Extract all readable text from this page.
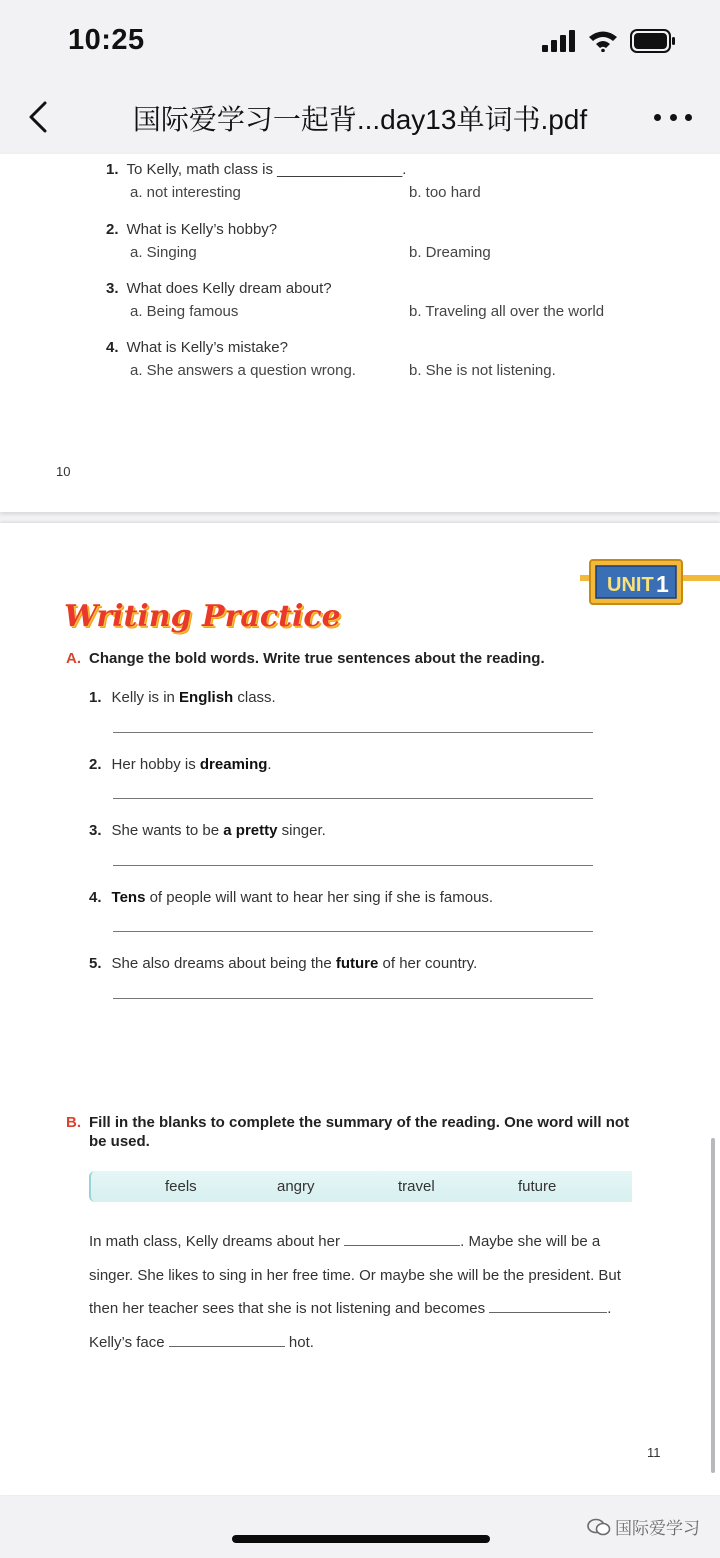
10:25
国际爱学习一起背...day13单词书.pdf
1. To Kelly, math class is _______________.
a. not interesting	b. too hard
2. What is Kelly’s hobby?
a. Singing	b. Dreaming
3. What does Kelly dream about?
a. Being famous	b. Traveling all over the world
4. What is Kelly’s mistake?
a. She answers a question wrong.	b. She is not listening.
10
UNIT 1
Writing Practice
A. Change the bold words. Write true sentences about the reading.
1. Kelly is in English class.
2. Her hobby is dreaming.
3. She wants to be a pretty singer.
4. Tens of people will want to hear her sing if she is famous.
5. She also dreams about being the future of her country.
B. Fill in the blanks to complete the summary of the reading. One word will not
be used.
feels	angry	travel	future
In math class, Kelly dreams about her	. Maybe she will be a
singer. She likes to sing in her free time. Or maybe she will be the president. But
then her teacher sees that she is not listening and becomes	.
Kelly’s face	hot.
11
国际爱学习
